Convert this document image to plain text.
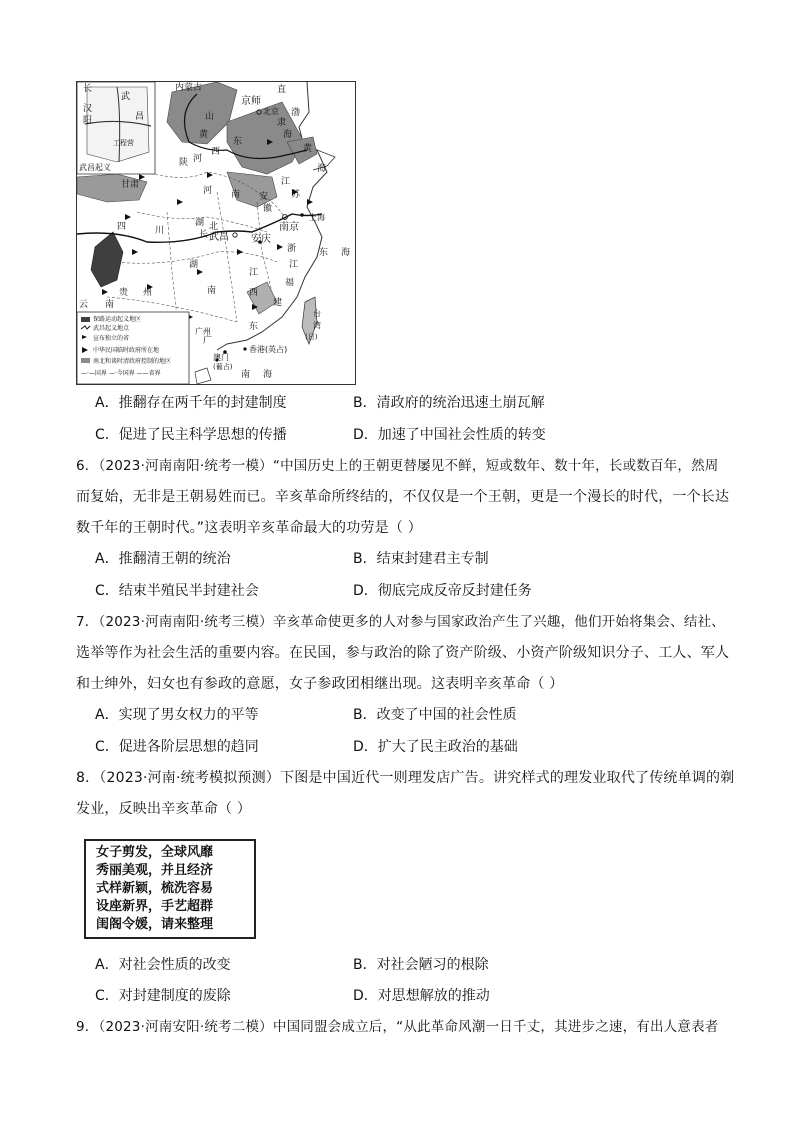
长
武
汉
阳	昌
工程营
武昌起义
内蒙古
京师
直
北京
隶
渤
海
山
黄
东
西
河
陕
甘肃
黄
海
河 南
江
苏
安
徽
湖 北
四	川	长 武昌 安庆
南京
上海
浙
江
东 海
湖
南
江
西
贵 州
福
建
云 南
广
广州	东
香港(英占)
澳门
(葡占)
台
湾
(日)
南 海
保路运动起义地区
武昌起义地点
宣布独立的省
中华民国临时政府所在地
南北和谈时清政府控制的地区
—·—国界 —·今国界 ——省界
A．推翻存在两千年的封建制度	B．清政府的统治迅速土崩瓦解
C．促进了民主科学思想的传播	D．加速了中国社会性质的转变
6．（2023·河南南阳·统考一模）“中国历史上的王朝更替屡见不鲜，短或数年、数十年，长或数百年，然周
而复始，无非是王朝易姓而已。辛亥革命所终结的，不仅仅是一个王朝，更是一个漫长的时代，一个长达
数千年的王朝时代。”这表明辛亥革命最大的功劳是（ ）
A．推翻清王朝的统治	B．结束封建君主专制
C．结束半殖民半封建社会	D．彻底完成反帝反封建任务
7．（2023·河南南阳·统考三模）辛亥革命使更多的人对参与国家政治产生了兴趣，他们开始将集会、结社、
选举等作为社会生活的重要内容。在民国，参与政治的除了资产阶级、小资产阶级知识分子、工人、军人
和士绅外，妇女也有参政的意愿，女子参政团相继出现。这表明辛亥革命（ ）
A．实现了男女权力的平等	B．改变了中国的社会性质
C．促进各阶层思想的趋同	D．扩大了民主政治的基础
8．（2023·河南·统考模拟预测）下图是中国近代一则理发店广告。讲究样式的理发业取代了传统单调的剃
发业，反映出辛亥革命（ ）
女子剪发，全球风靡
秀丽美观，并且经济
式样新颖，梳洗容易
设座新界，手艺超群
闺阁令媛，请来整理
A．对社会性质的改变	B．对社会陋习的根除
C．对封建制度的废除	D．对思想解放的推动
9．（2023·河南安阳·统考二模）中国同盟会成立后，“从此革命风潮一日千丈，其进步之速，有出人意表者
